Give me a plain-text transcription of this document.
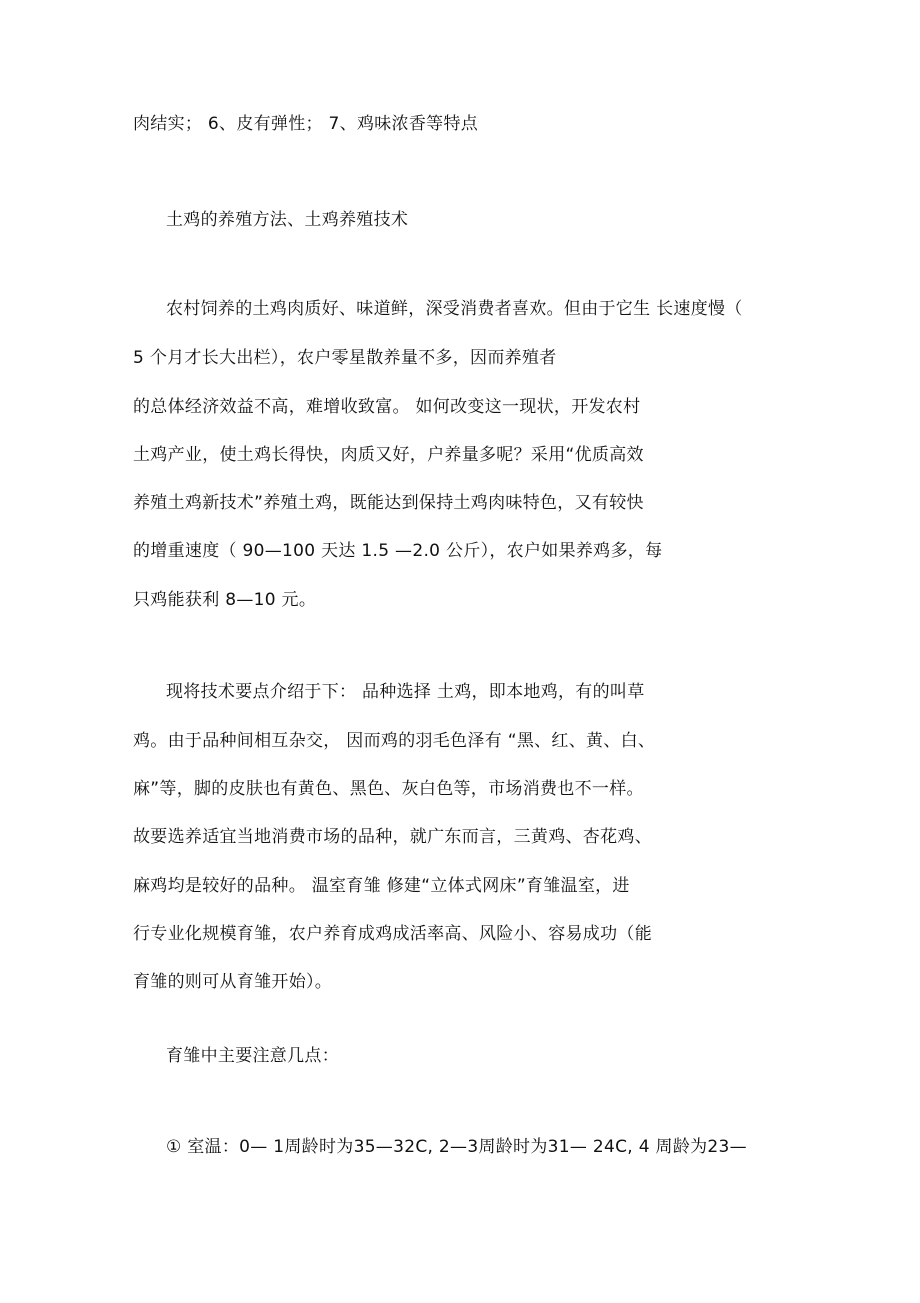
肉结实； 6、皮有弹性； 7、鸡味浓香等特点
土鸡的养殖方法、土鸡养殖技术
农村饲养的土鸡肉质好、味道鲜，深受消费者喜欢。但由于它生 长速度慢（
5 个月才长大出栏），农户零星散养量不多，因而养殖者
的总体经济效益不高，难增收致富。 如何改变这一现状，开发农村
土鸡产业，使土鸡长得快，肉质又好，户养量多呢？采用“优质高效
养殖土鸡新技术”养殖土鸡，既能达到保持土鸡肉味特色，又有较快
的增重速度（ 90—100 天达 1.5 —2.0 公斤），农户如果养鸡多，每
只鸡能获利 8—10 元。
现将技术要点介绍于下： 品种选择 土鸡，即本地鸡，有的叫草
鸡。由于品种间相互杂交， 因而鸡的羽毛色泽有 “黑、红、黄、白、
麻”等，脚的皮肤也有黄色、黑色、灰白色等，市场消费也不一样。
故要选养适宜当地消费市场的品种，就广东而言，三黄鸡、杏花鸡、
麻鸡均是较好的品种。 温室育雏 修建“立体式网床”育雏温室，进
行专业化规模育雏，农户养育成鸡成活率高、风险小、容易成功（能
育雏的则可从育雏开始）。
育雏中主要注意几点：
① 室温：0— 1周龄时为35—32C, 2—3周龄时为31— 24C, 4 周龄为23—
